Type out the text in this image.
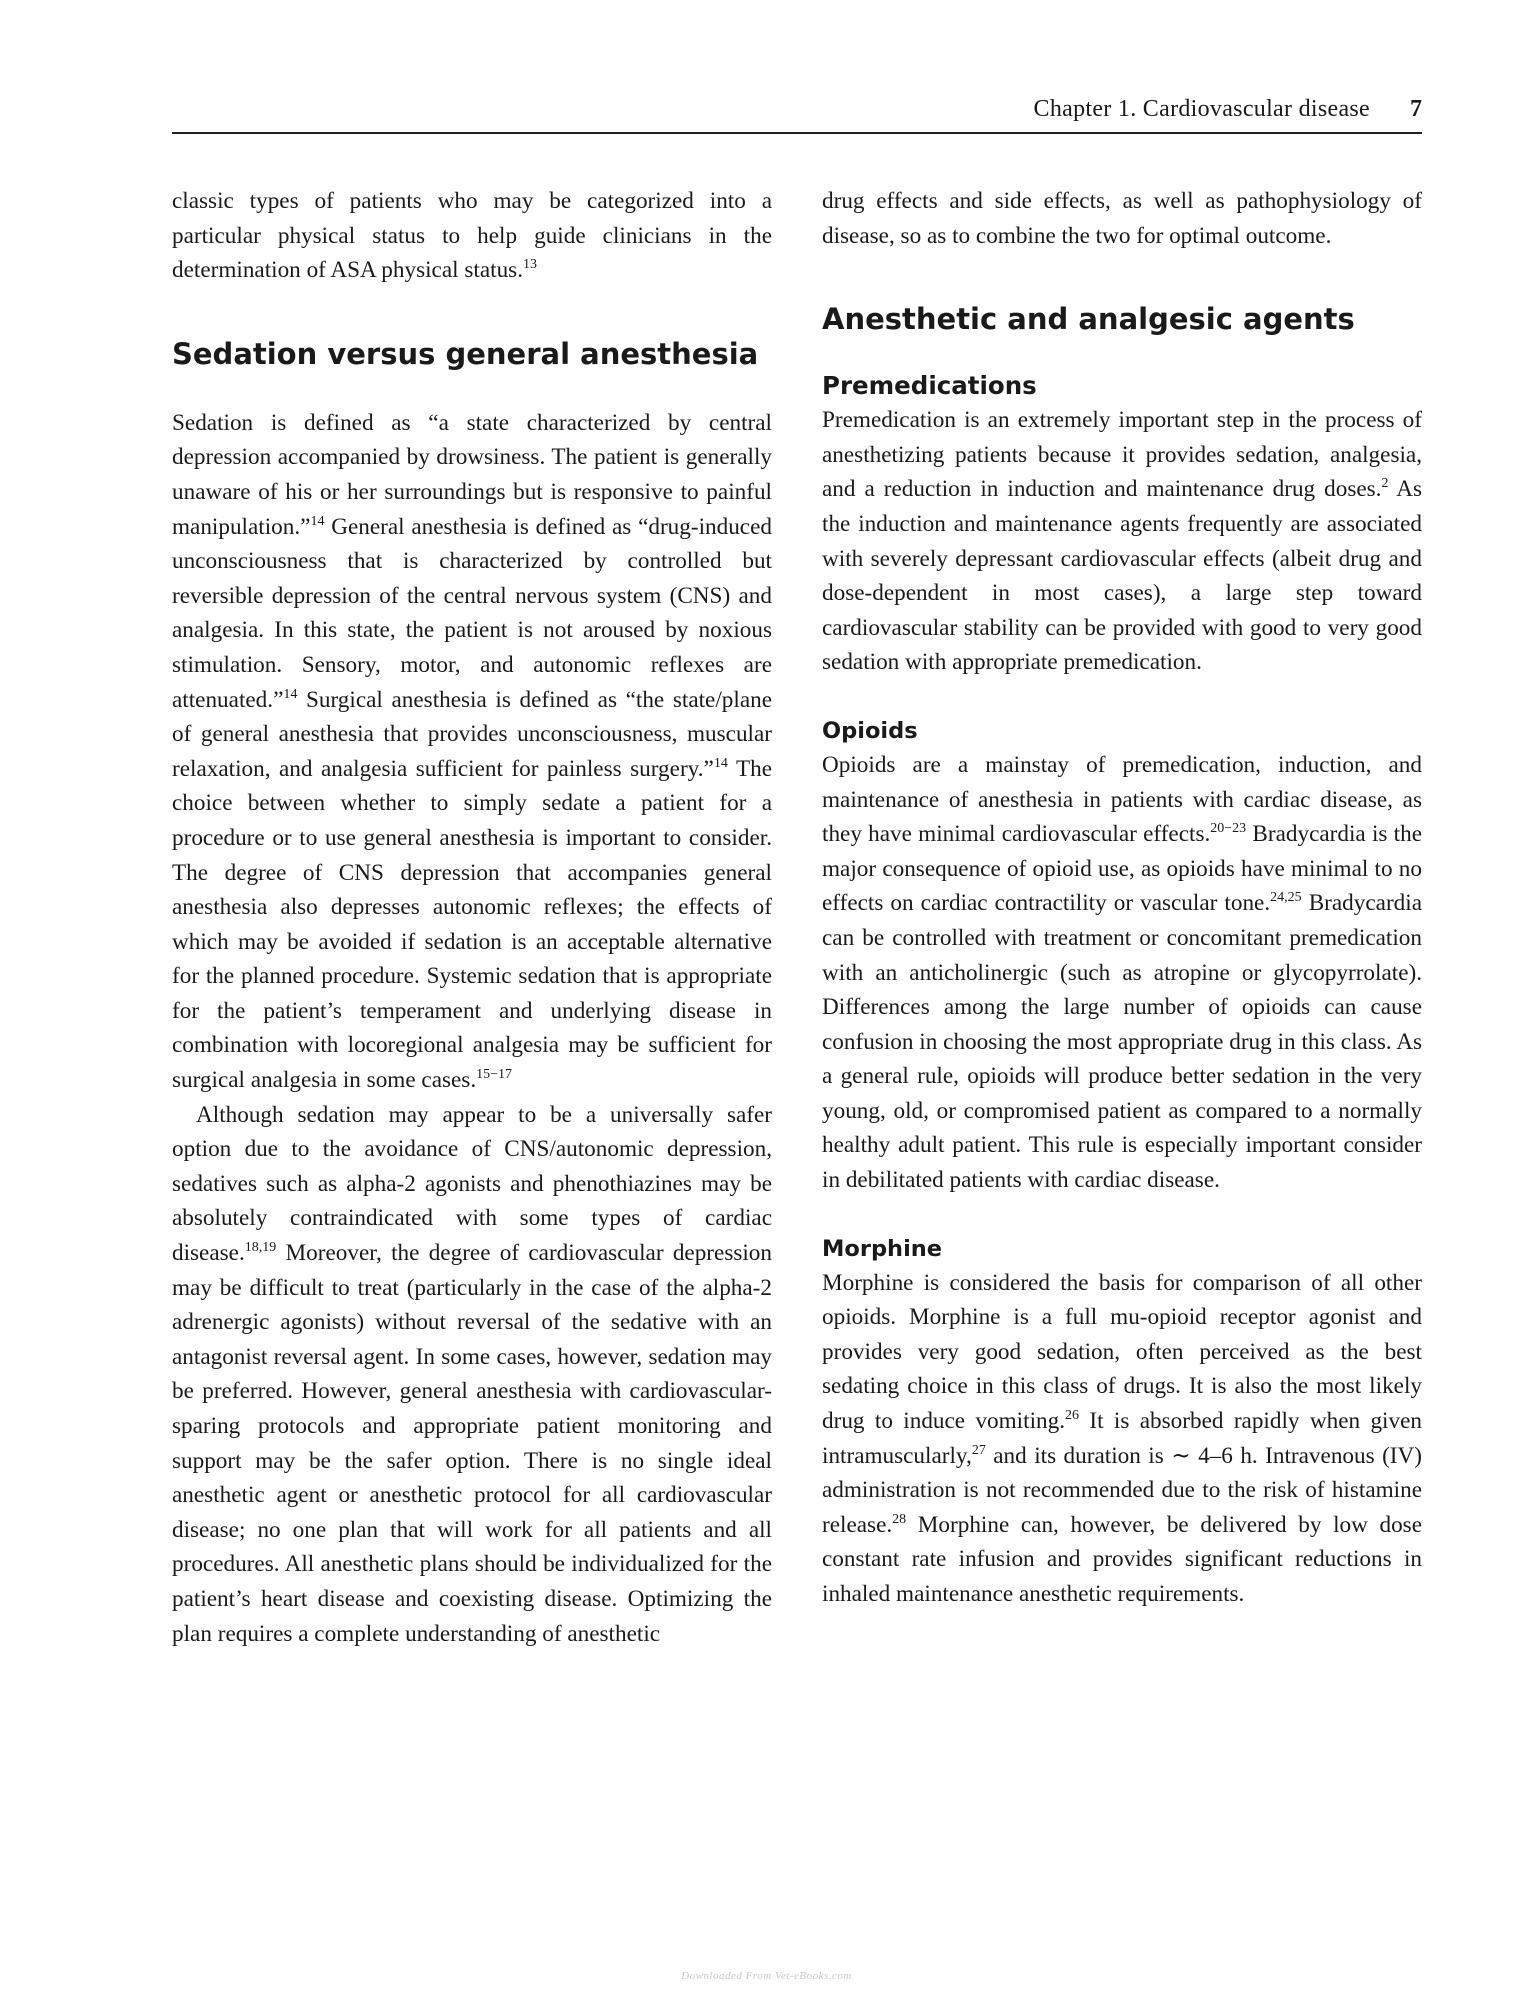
Chapter 1. Cardiovascular disease 7

classic types of patients who may be categorized into a particular physical status to help guide clinicians in the determination of ASA physical status.$^{13}$

Sedation versus general anesthesia

Sedation is defined as “a state characterized by central depression accompanied by drowsiness. The patient is generally unaware of his or her surroundings but is responsive to painful manipulation.”$^{14}$ General anesthesia is defined as “drug-induced unconsciousness that is characterized by controlled but reversible depression of the central nervous system (CNS) and analgesia. In this state, the patient is not aroused by noxious stimulation. Sensory, motor, and autonomic reflexes are attenuated.”$^{14}$ Surgical anesthesia is defined as “the state/plane of general anesthesia that provides unconsciousness, muscular relaxation, and analgesia sufficient for painless surgery.”$^{14}$ The choice between whether to simply sedate a patient for a procedure or to use general anesthesia is important to consider. The degree of CNS depression that accompanies general anesthesia also depresses autonomic reflexes; the effects of which may be avoided if sedation is an acceptable alternative for the planned procedure. Systemic sedation that is appropriate for the patient’s temperament and underlying disease in combination with locoregional analgesia may be sufficient for surgical analgesia in some cases.$^{15-17}$

Although sedation may appear to be a universally safer option due to the avoidance of CNS/autonomic depression, sedatives such as alpha-2 agonists and phenothiazines may be absolutely contraindicated with some types of cardiac disease.$^{18,19}$ Moreover, the degree of cardiovascular depression may be difficult to treat (particularly in the case of the alpha-2 adrenergic agonists) without reversal of the sedative with an antagonist reversal agent. In some cases, however, sedation may be preferred. However, general anesthesia with cardiovascular-sparing protocols and appropriate patient monitoring and support may be the safer option. There is no single ideal anesthetic agent or anesthetic protocol for all cardiovascular disease; no one plan that will work for all patients and all procedures. All anesthetic plans should be individualized for the patient’s heart disease and coexisting disease. Optimizing the plan requires a complete understanding of anesthetic

drug effects and side effects, as well as pathophysiology of disease, so as to combine the two for optimal outcome.

Anesthetic and analgesic agents
Premedications

Premedication is an extremely important step in the process of anesthetizing patients because it provides sedation, analgesia, and a reduction in induction and maintenance drug doses.$^2$ As the induction and maintenance agents frequently are associated with severely depressant cardiovascular effects (albeit drug and dose-dependent in most cases), a large step toward cardiovascular stability can be provided with good to very good sedation with appropriate premedication.

Opioids

Opioids are a mainstay of premedication, induction, and maintenance of anesthesia in patients with cardiac disease, as they have minimal cardiovascular effects.$^{20-23}$ Bradycardia is the major consequence of opioid use, as opioids have minimal to no effects on cardiac contractility or vascular tone.$^{24,25}$ Bradycardia can be controlled with treatment or concomitant premedication with an anticholinergic (such as atropine or glycopyrrolate). Differences among the large number of opioids can cause confusion in choosing the most appropriate drug in this class. As a general rule, opioids will produce better sedation in the very young, old, or compromised patient as compared to a normally healthy adult patient. This rule is especially important consider in debilitated patients with cardiac disease.

Morphine

Morphine is considered the basis for comparison of all other opioids. Morphine is a full mu-opioid receptor agonist and provides very good sedation, often perceived as the best sedating choice in this class of drugs. It is also the most likely drug to induce vomiting.$^{26}$ It is absorbed rapidly when given intramuscularly,$^{27}$ and its duration is ∼ 4–6 h. Intravenous (IV) administration is not recommended due to the risk of histamine release.$^{28}$ Morphine can, however, be delivered by low dose constant rate infusion and provides significant reductions in inhaled maintenance anesthetic requirements.

Downloaded From Vet-eBooks.com
